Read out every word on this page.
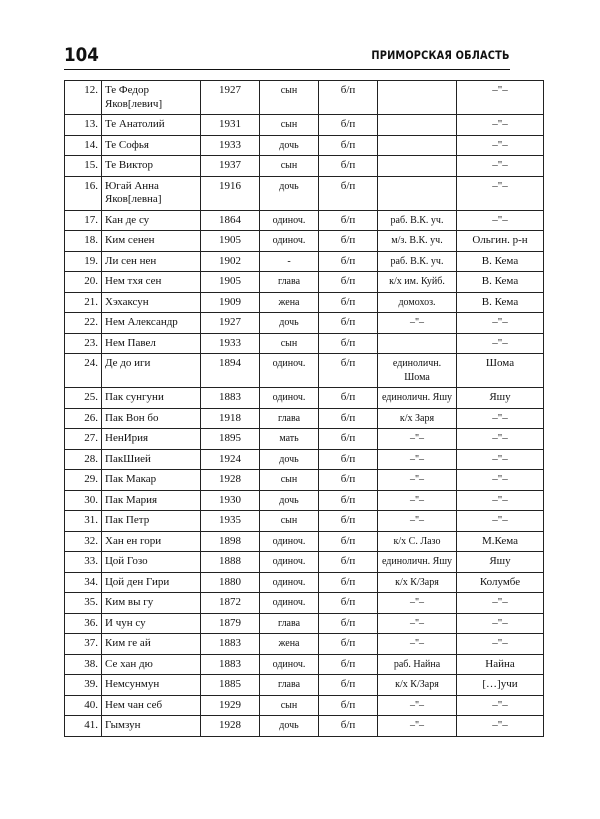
104	ПРИМОРСКАЯ ОБЛАСТЬ
12.	Те Федор Яков[левич]	1927	сын	б/п		–"–
13.	Те Анатолий	1931	сын	б/п		–"–
14.	Те Софья	1933	дочь	б/п		–"–
15.	Те Виктор	1937	сын	б/п		–"–
16.	Югай Анна Яков[левна]	1916	дочь	б/п		–"–
17.	Кан де су	1864	одиноч.	б/п	раб. В.К. уч.	–"–
18.	Ким сенен	1905	одиноч.	б/п	м/з. В.К. уч.	Ольгин. р-н
19.	Ли сен нен	1902	-	б/п	раб. В.К. уч.	В. Кема
20.	Нем тхя сен	1905	глава	б/п	к/х им. Куйб.	В. Кема
21.	Хэхаксун	1909	жена	б/п	домохоз.	В. Кема
22.	Нем Александр	1927	дочь	б/п	–"–	–"–
23.	Нем Павел	1933	сын	б/п		–"–
24.	Де до иги	1894	одиноч.	б/п	единоличн. Шома	Шома
25.	Пак сунгуни	1883	одиноч.	б/п	единоличн. Яшу	Яшу
26.	Пак Вон бо	1918	глава	б/п	к/х Заря	–"–
27.	НенИрия	1895	мать	б/п	–"–	–"–
28.	ПакШией	1924	дочь	б/п	–"–	–"–
29.	Пак Макар	1928	сын	б/п	–"–	–"–
30.	Пак Мария	1930	дочь	б/п	–"–	–"–
31.	Пак Петр	1935	сын	б/п	–"–	–"–
32.	Хан ен гори	1898	одиноч.	б/п	к/х С. Лазо	М.Кема
33.	Цой Гозо	1888	одиноч.	б/п	единоличн. Яшу	Яшу
34.	Цой ден Гири	1880	одиноч.	б/п	к/х К/Заря	Колумбе
35.	Ким вы гу	1872	одиноч.	б/п	–"–	–"–
36.	И чун су	1879	глава	б/п	–"–	–"–
37.	Ким ге ай	1883	жена	б/п	–"–	–"–
38.	Се хан дю	1883	одиноч.	б/п	раб. Найна	Найна
39.	Немсунмун	1885	глава	б/п	к/х К/Заря	[…]учи
40.	Нем чан себ	1929	сын	б/п	–"–	–"–
41.	Гымзун	1928	дочь	б/п	–"–	–"–
